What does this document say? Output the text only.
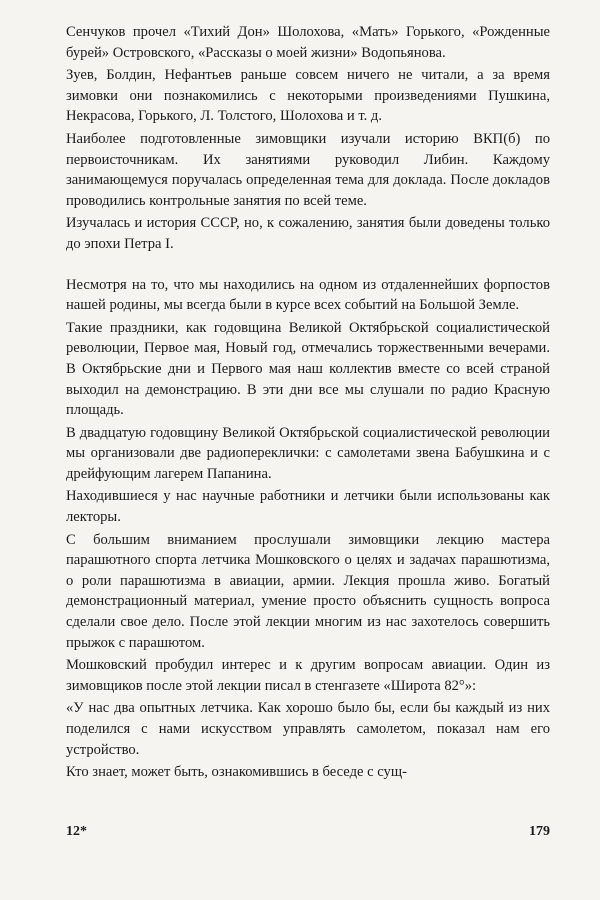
Сенчуков прочел «Тихий Дон» Шолохова, «Мать» Горького, «Рожденные бурей» Островского, «Рассказы о моей жизни» Водопьянова.

Зуев, Болдин, Нефантьев раньше совсем ничего не читали, а за время зимовки они познакомились с некоторыми произведениями Пушкина, Некрасова, Горького, Л. Толстого, Шолохова и т. д.

Наиболее подготовленные зимовщики изучали историю ВКП(б) по первоисточникам. Их занятиями руководил Либин. Каждому занимающемуся поручалась определенная тема для доклада. После докладов проводились контрольные занятия по всей теме.

Изучалась и история СССР, но, к сожалению, занятия были доведены только до эпохи Петра I.

Несмотря на то, что мы находились на одном из отдаленнейших форпостов нашей родины, мы всегда были в курсе всех событий на Большой Земле.

Такие праздники, как годовщина Великой Октябрьской социалистической революции, Первое мая, Новый год, отмечались торжественными вечерами. В Октябрьские дни и Первого мая наш коллектив вместе со всей страной выходил на демонстрацию. В эти дни все мы слушали по радио Красную площадь.

В двадцатую годовщину Великой Октябрьской социалистической революции мы организовали две радиопереклички: с самолетами звена Бабушкина и с дрейфующим лагерем Папанина.

Находившиеся у нас научные работники и летчики были использованы как лекторы.

С большим вниманием прослушали зимовщики лекцию мастера парашютного спорта летчика Мошковского о целях и задачах парашютизма, о роли парашютизма в авиации, армии. Лекция прошла живо. Богатый демонстрационный материал, умение просто объяснить сущность вопроса сделали свое дело. После этой лекции многим из нас захотелось совершить прыжок с парашютом.

Мошковский пробудил интерес и к другим вопросам авиации. Один из зимовщиков после этой лекции писал в стенгазете «Широта 82°»:

«У нас два опытных летчика. Как хорошо было бы, если бы каждый из них поделился с нами искусством управлять самолетом, показал нам его устройство.

Кто знает, может быть, ознакомившись в беседе с сущ-

12*	179
